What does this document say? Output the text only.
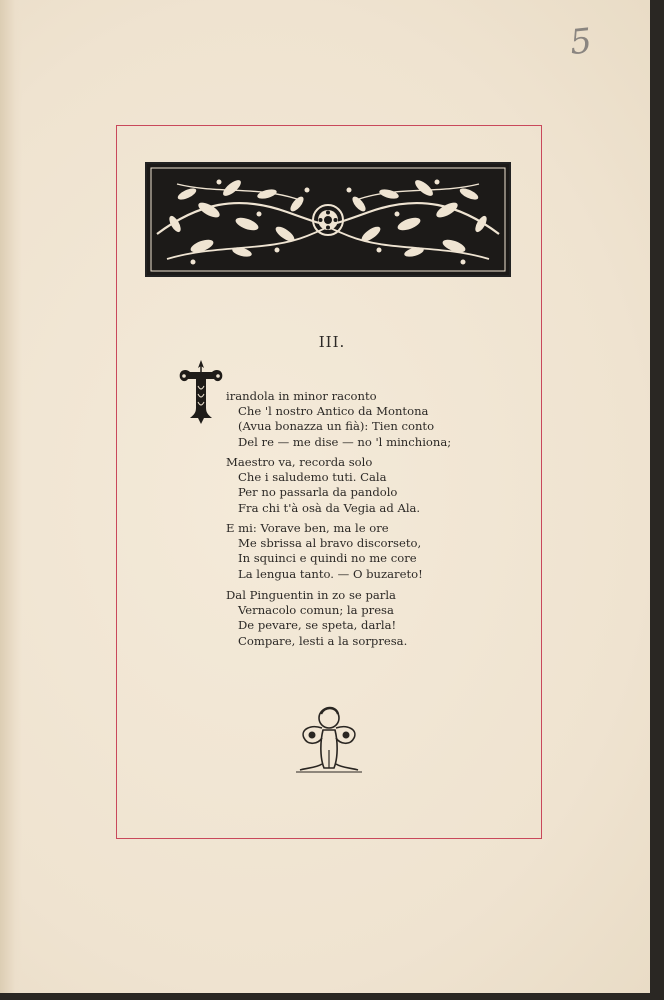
5
III.
irandola in minor raconto
Che 'l nostro Antico da Montona
(Avua bonazza un fià): Tien conto
Del re — me dise — no 'l minchiona;
Maestro va, recorda solo
Che i saludemo tuti. Cala
Per no passarla da pandolo
Fra chi t'à osà da Vegia ad Ala.
E mi: Vorave ben, ma le ore
Me sbrissa al bravo discorseto,
In squinci e quindi no me core
La lengua tanto. — O buzareto!
Dal Pinguentin in zo se parla
Vernacolo comun; la presa
De pevare, se speta, darla!
Compare, lesti a la sorpresa.
